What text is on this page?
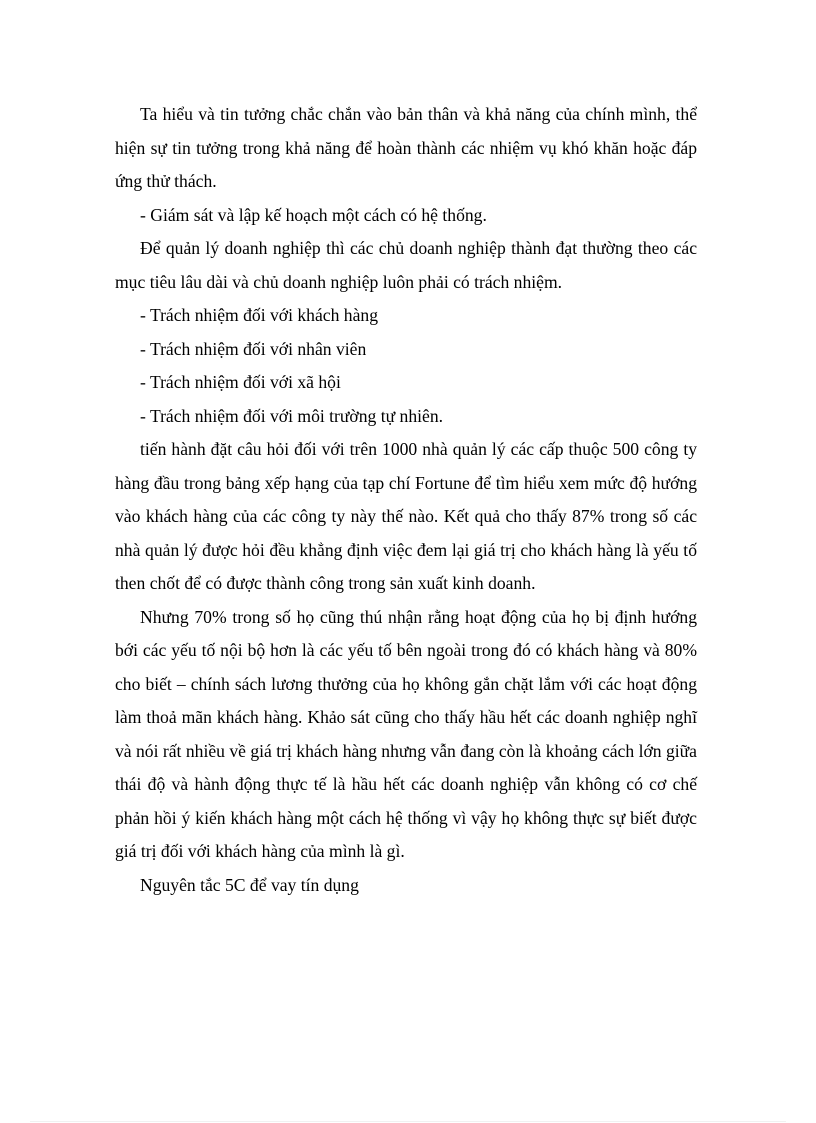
Ta hiểu và tin tưởng chắc chắn vào bản thân và khả năng của chính mình, thể hiện sự tin tưởng trong khả năng để hoàn thành các nhiệm vụ khó khăn hoặc đáp ứng thử thách.

- Giám sát và lập kế hoạch một cách có hệ thống.

Để quản lý doanh nghiệp thì các chủ doanh nghiệp thành đạt thường theo các mục tiêu lâu dài và chủ doanh nghiệp luôn phải có trách nhiệm.

- Trách nhiệm đối với khách hàng

- Trách nhiệm đối với nhân viên

- Trách nhiệm đối với xã hội

- Trách nhiệm đối với môi trường tự nhiên.

tiến hành đặt câu hỏi đối với trên 1000 nhà quản lý các cấp thuộc 500 công ty hàng đầu trong bảng xếp hạng của tạp chí Fortune để tìm hiểu xem mức độ hướng vào khách hàng của các công ty này thế nào. Kết quả cho thấy 87% trong số các nhà quản lý được hỏi đều khẳng định việc đem lại giá trị cho khách hàng là yếu tố then chốt để có được thành công trong sản xuất kinh doanh.

Nhưng 70% trong số họ cũng thú nhận rằng hoạt động của họ bị định hướng bới các yếu tố nội bộ hơn là các yếu tố bên ngoài trong đó có khách hàng và 80% cho biết – chính sách lương thưởng của họ không gắn chặt lắm với các hoạt động làm thoả mãn khách hàng. Khảo sát cũng cho thấy hầu hết các doanh nghiệp nghĩ và nói rất nhiều về giá trị khách hàng nhưng vẫn đang còn là khoảng cách lớn giữa thái độ và hành động thực tế là hầu hết các doanh nghiệp vẫn không có cơ chế phản hồi ý kiến khách hàng một cách hệ thống vì vậy họ không thực sự biết được giá trị đối với khách hàng của mình là gì.

Nguyên tắc 5C để vay tín dụng
